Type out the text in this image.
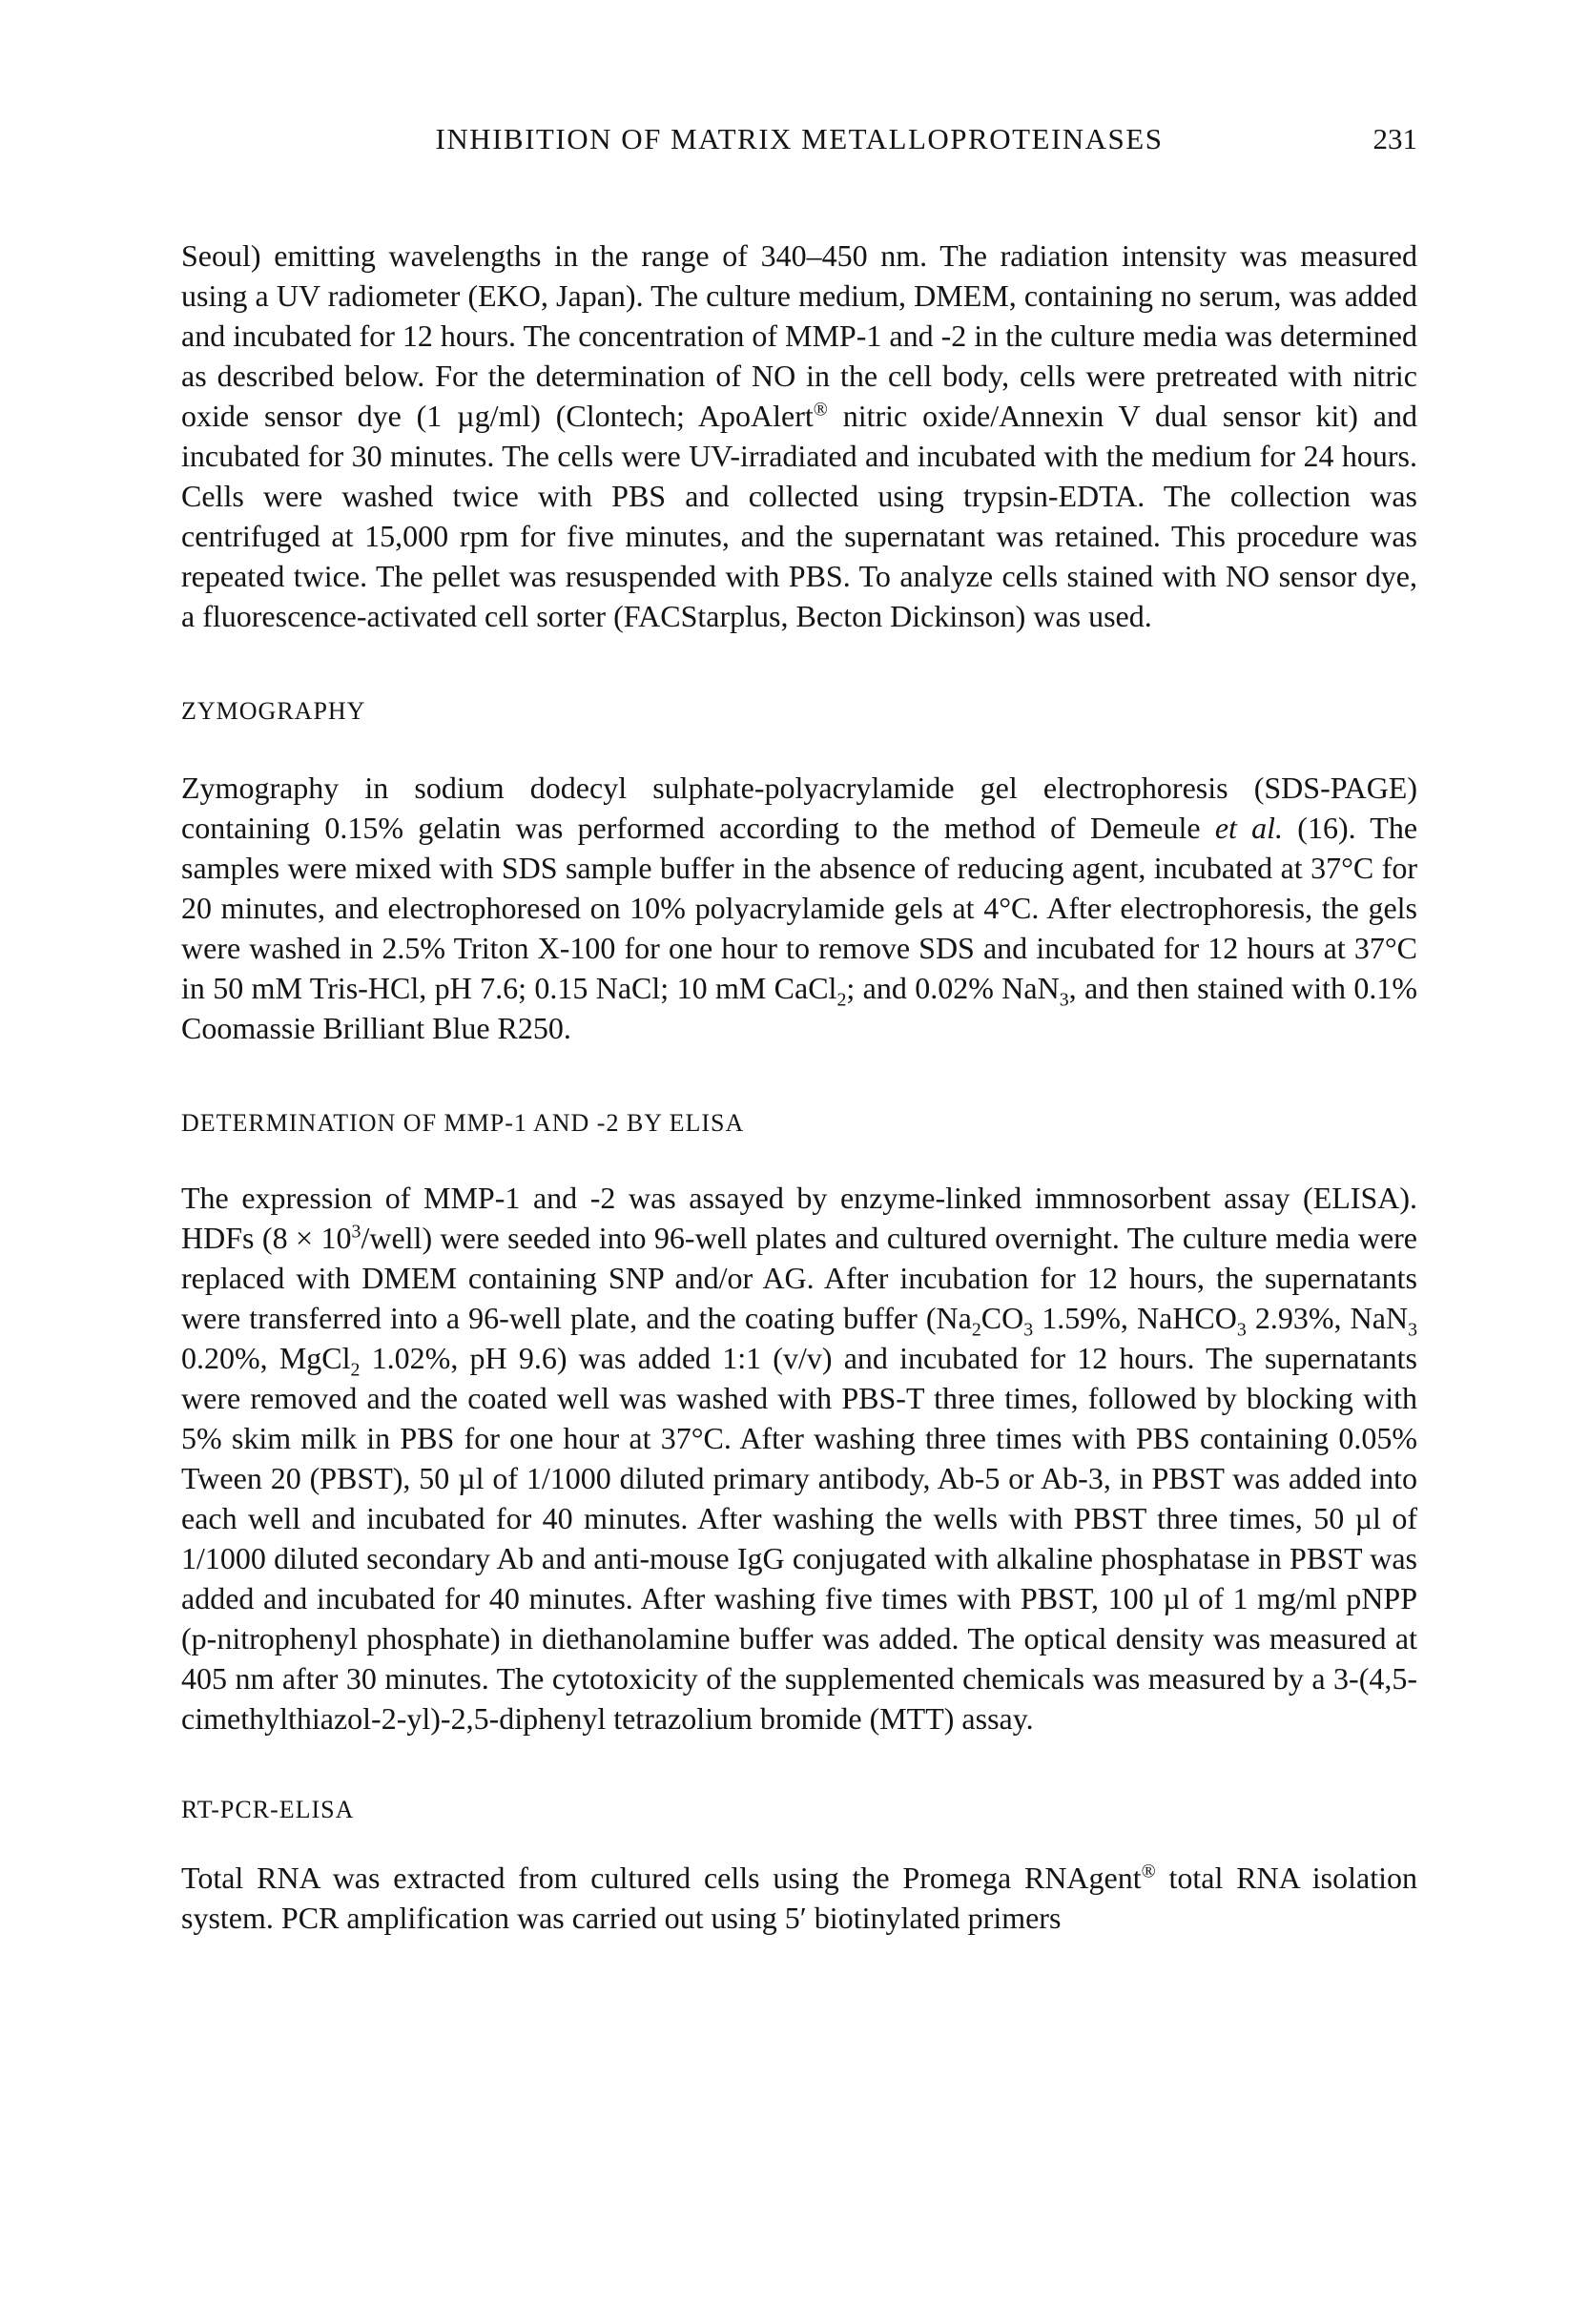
INHIBITION OF MATRIX METALLOPROTEINASES	231

Seoul) emitting wavelengths in the range of 340–450 nm. The radiation intensity was measured using a UV radiometer (EKO, Japan). The culture medium, DMEM, containing no serum, was added and incubated for 12 hours. The concentration of MMP-1 and -2 in the culture media was determined as described below. For the determination of NO in the cell body, cells were pretreated with nitric oxide sensor dye (1 µg/ml) (Clontech; ApoAlert® nitric oxide/Annexin V dual sensor kit) and incubated for 30 minutes. The cells were UV-irradiated and incubated with the medium for 24 hours. Cells were washed twice with PBS and collected using trypsin-EDTA. The collection was centrifuged at 15,000 rpm for five minutes, and the supernatant was retained. This procedure was repeated twice. The pellet was resuspended with PBS. To analyze cells stained with NO sensor dye, a fluorescence-activated cell sorter (FACStarplus, Becton Dickinson) was used.

ZYMOGRAPHY

Zymography in sodium dodecyl sulphate-polyacrylamide gel electrophoresis (SDS-PAGE) containing 0.15% gelatin was performed according to the method of Demeule et al. (16). The samples were mixed with SDS sample buffer in the absence of reducing agent, incubated at 37°C for 20 minutes, and electrophoresed on 10% polyacrylamide gels at 4°C. After electrophoresis, the gels were washed in 2.5% Triton X-100 for one hour to remove SDS and incubated for 12 hours at 37°C in 50 mM Tris-HCl, pH 7.6; 0.15 NaCl; 10 mM CaCl$_2$; and 0.02% NaN$_3$, and then stained with 0.1% Coomassie Brilliant Blue R250.

DETERMINATION OF MMP-1 AND -2 BY ELISA

The expression of MMP-1 and -2 was assayed by enzyme-linked immnosorbent assay (ELISA). HDFs $(8 \times 10^3/well)$ were seeded into 96-well plates and cultured overnight. The culture media were replaced with DMEM containing SNP and/or AG. After incubation for 12 hours, the supernatants were transferred into a 96-well plate, and the coating buffer ($Na_2CO_3$ 1.59%, NaHCO$_3$ 2.93%, NaN$_3$ 0.20%, MgCl$_2$ 1.02%, pH 9.6) was added 1:1 (v/v) and incubated for 12 hours. The supernatants were removed and the coated well was washed with PBS-T three times, followed by blocking with 5% skim milk in PBS for one hour at 37°C. After washing three times with PBS containing 0.05% Tween 20 (PBST), 50 µl of 1/1000 diluted primary antibody, Ab-5 or Ab-3, in PBST was added into each well and incubated for 40 minutes. After washing the wells with PBST three times, 50 µl of 1/1000 diluted secondary Ab and anti-mouse IgG conjugated with alkaline phosphatase in PBST was added and incubated for 40 minutes. After washing five times with PBST, 100 µl of 1 mg/ml pNPP (p-nitrophenyl phosphate) in diethanolamine buffer was added. The optical density was measured at 405 nm after 30 minutes. The cytotoxicity of the supplemented chemicals was measured by a 3-(4,5-cimethylthiazol-2-yl)-2,5-diphenyl tetrazolium bromide (MTT) assay.

RT-PCR-ELISA

Total RNA was extracted from cultured cells using the Promega RNAgent® total RNA isolation system. PCR amplification was carried out using 5′ biotinylated primers
